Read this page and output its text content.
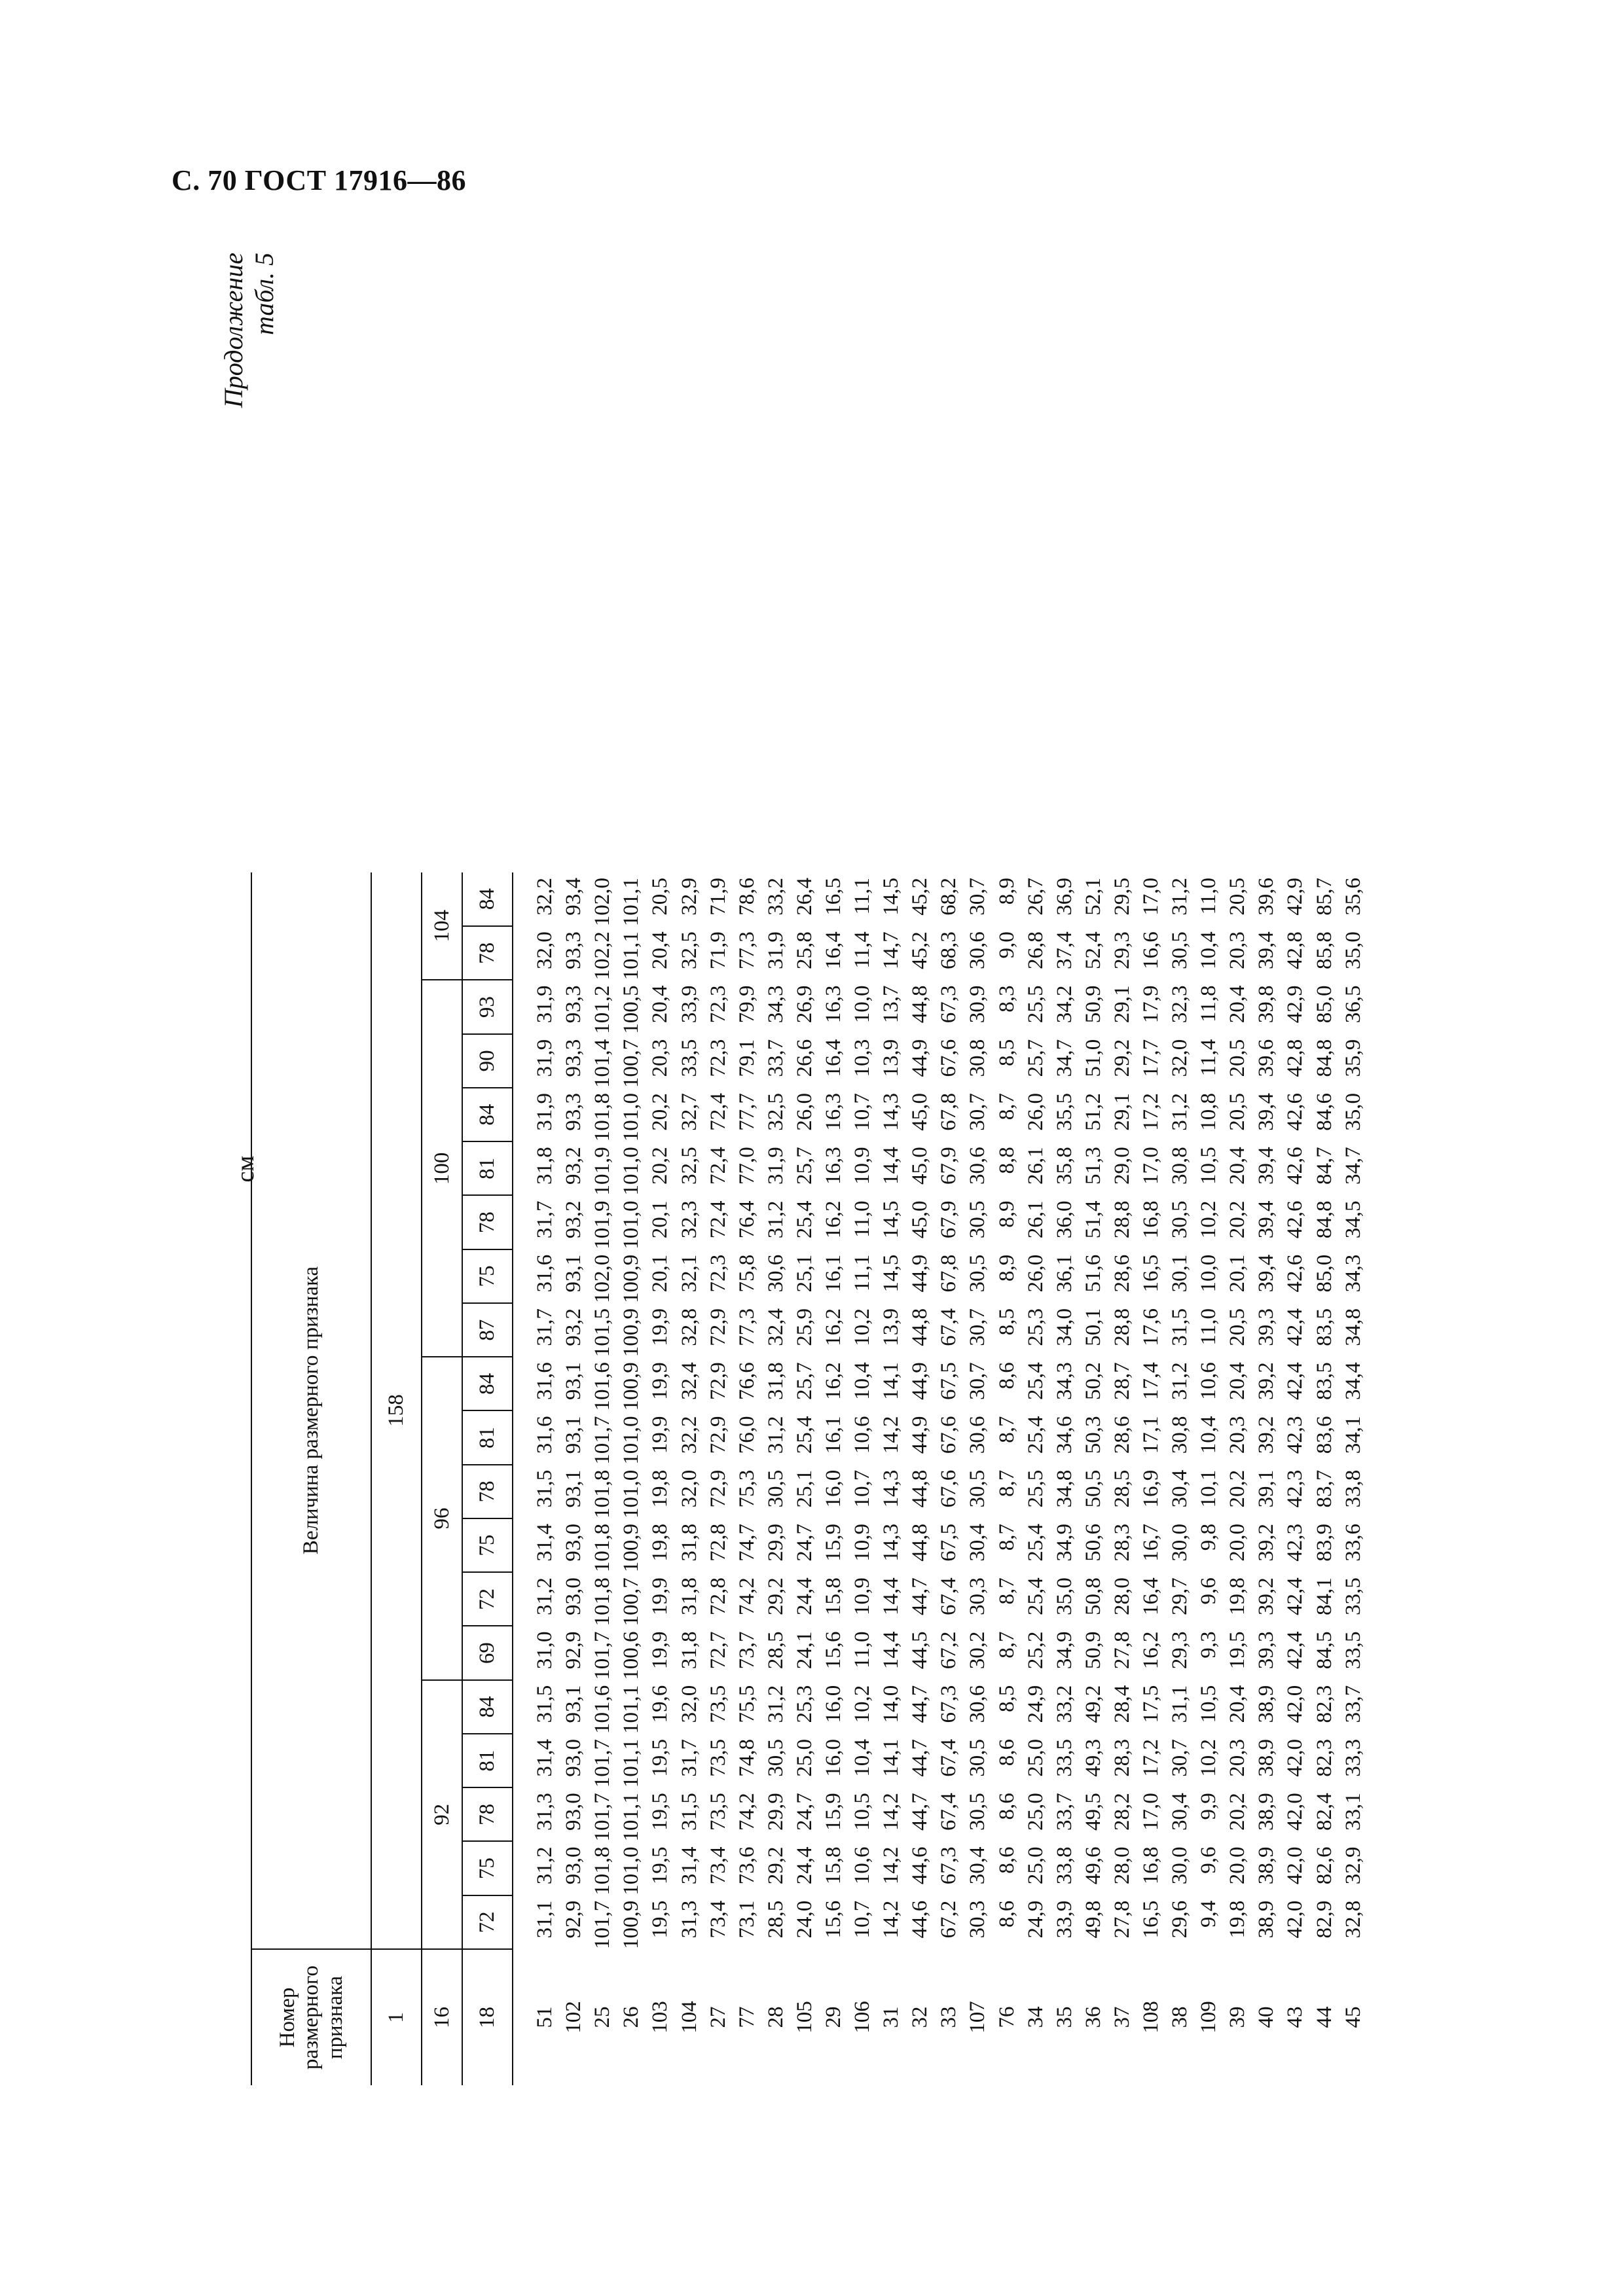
С. 70 ГОСТ 17916—86
Продолжение табл. 5
см
Номер размерного признака	Величина размерного признака																			
1	158																			
16	92					96						100							104	
18	72	75	78	81	84	69	72	75	78	81	84	87	75	78	81	84	90	93	78	84
51	31,1	31,2	31,3	31,4	31,5	31,0	31,2	31,4	31,5	31,6	31,6	31,7	31,6	31,7	31,8	31,9	31,9	31,9	32,0	32,2
102	92,9	93,0	93,0	93,0	93,1	92,9	93,0	93,0	93,1	93,1	93,1	93,2	93,1	93,2	93,2	93,3	93,3	93,3	93,3	93,4
25	101,7	101,8	101,7	101,7	101,6	101,7	101,8	101,8	101,8	101,7	101,6	101,5	102,0	101,9	101,9	101,8	101,4	101,2	102,2	102,0
26	100,9	101,0	101,1	101,1	101,1	100,6	100,7	100,9	101,0	101,0	100,9	100,9	100,9	101,0	101,0	101,0	100,7	100,5	101,1	101,1
103	19,5	19,5	19,5	19,5	19,6	19,9	19,9	19,8	19,8	19,9	19,9	19,9	20,1	20,1	20,2	20,2	20,3	20,4	20,4	20,5
104	31,3	31,4	31,5	31,7	32,0	31,8	31,8	31,8	32,0	32,2	32,4	32,8	32,1	32,3	32,5	32,7	33,5	33,9	32,5	32,9
27	73,4	73,4	73,5	73,5	73,5	72,7	72,8	72,8	72,9	72,9	72,9	72,9	72,3	72,4	72,4	72,4	72,3	72,3	71,9	71,9
77	73,1	73,6	74,2	74,8	75,5	73,7	74,2	74,7	75,3	76,0	76,6	77,3	75,8	76,4	77,0	77,7	79,1	79,9	77,3	78,6
28	28,5	29,2	29,9	30,5	31,2	28,5	29,2	29,9	30,5	31,2	31,8	32,4	30,6	31,2	31,9	32,5	33,7	34,3	31,9	33,2
105	24,0	24,4	24,7	25,0	25,3	24,1	24,4	24,7	25,1	25,4	25,7	25,9	25,1	25,4	25,7	26,0	26,6	26,9	25,8	26,4
29	15,6	15,8	15,9	16,0	16,0	15,6	15,8	15,9	16,0	16,1	16,2	16,2	16,1	16,2	16,3	16,3	16,4	16,3	16,4	16,5
106	10,7	10,6	10,5	10,4	10,2	11,0	10,9	10,9	10,7	10,6	10,4	10,2	11,1	11,0	10,9	10,7	10,3	10,0	11,4	11,1
31	14,2	14,2	14,2	14,1	14,0	14,4	14,4	14,3	14,3	14,2	14,1	13,9	14,5	14,5	14,4	14,3	13,9	13,7	14,7	14,5
32	44,6	44,6	44,7	44,7	44,7	44,5	44,7	44,8	44,8	44,9	44,9	44,8	44,9	45,0	45,0	45,0	44,9	44,8	45,2	45,2
33	67,2	67,3	67,4	67,4	67,3	67,2	67,4	67,5	67,6	67,6	67,5	67,4	67,8	67,9	67,9	67,8	67,6	67,3	68,3	68,2
107	30,3	30,4	30,5	30,5	30,6	30,2	30,3	30,4	30,5	30,6	30,7	30,7	30,5	30,5	30,6	30,7	30,8	30,9	30,6	30,7
76	8,6	8,6	8,6	8,6	8,5	8,7	8,7	8,7	8,7	8,7	8,6	8,5	8,9	8,9	8,8	8,7	8,5	8,3	9,0	8,9
34	24,9	25,0	25,0	25,0	24,9	25,2	25,4	25,4	25,5	25,4	25,4	25,3	26,0	26,1	26,1	26,0	25,7	25,5	26,8	26,7
35	33,9	33,8	33,7	33,5	33,2	34,9	35,0	34,9	34,8	34,6	34,3	34,0	36,1	36,0	35,8	35,5	34,7	34,2	37,4	36,9
36	49,8	49,6	49,5	49,3	49,2	50,9	50,8	50,6	50,5	50,3	50,2	50,1	51,6	51,4	51,3	51,2	51,0	50,9	52,4	52,1
37	27,8	28,0	28,2	28,3	28,4	27,8	28,0	28,3	28,5	28,6	28,7	28,8	28,6	28,8	29,0	29,1	29,2	29,1	29,3	29,5
108	16,5	16,8	17,0	17,2	17,5	16,2	16,4	16,7	16,9	17,1	17,4	17,6	16,5	16,8	17,0	17,2	17,7	17,9	16,6	17,0
38	29,6	30,0	30,4	30,7	31,1	29,3	29,7	30,0	30,4	30,8	31,2	31,5	30,1	30,5	30,8	31,2	32,0	32,3	30,5	31,2
109	9,4	9,6	9,9	10,2	10,5	9,3	9,6	9,8	10,1	10,4	10,6	11,0	10,0	10,2	10,5	10,8	11,4	11,8	10,4	11,0
39	19,8	20,0	20,2	20,3	20,4	19,5	19,8	20,0	20,2	20,3	20,4	20,5	20,1	20,2	20,4	20,5	20,5	20,4	20,3	20,5
40	38,9	38,9	38,9	38,9	38,9	39,3	39,2	39,2	39,1	39,2	39,2	39,3	39,4	39,4	39,4	39,4	39,6	39,8	39,4	39,6
43	42,0	42,0	42,0	42,0	42,0	42,4	42,4	42,3	42,3	42,3	42,4	42,4	42,6	42,6	42,6	42,6	42,8	42,9	42,8	42,9
44	82,9	82,6	82,4	82,3	82,3	84,5	84,1	83,9	83,7	83,6	83,5	83,5	85,0	84,8	84,7	84,6	84,8	85,0	85,8	85,7
45	32,8	32,9	33,1	33,3	33,7	33,5	33,5	33,6	33,8	34,1	34,4	34,8	34,3	34,5	34,7	35,0	35,9	36,5	35,0	35,6
